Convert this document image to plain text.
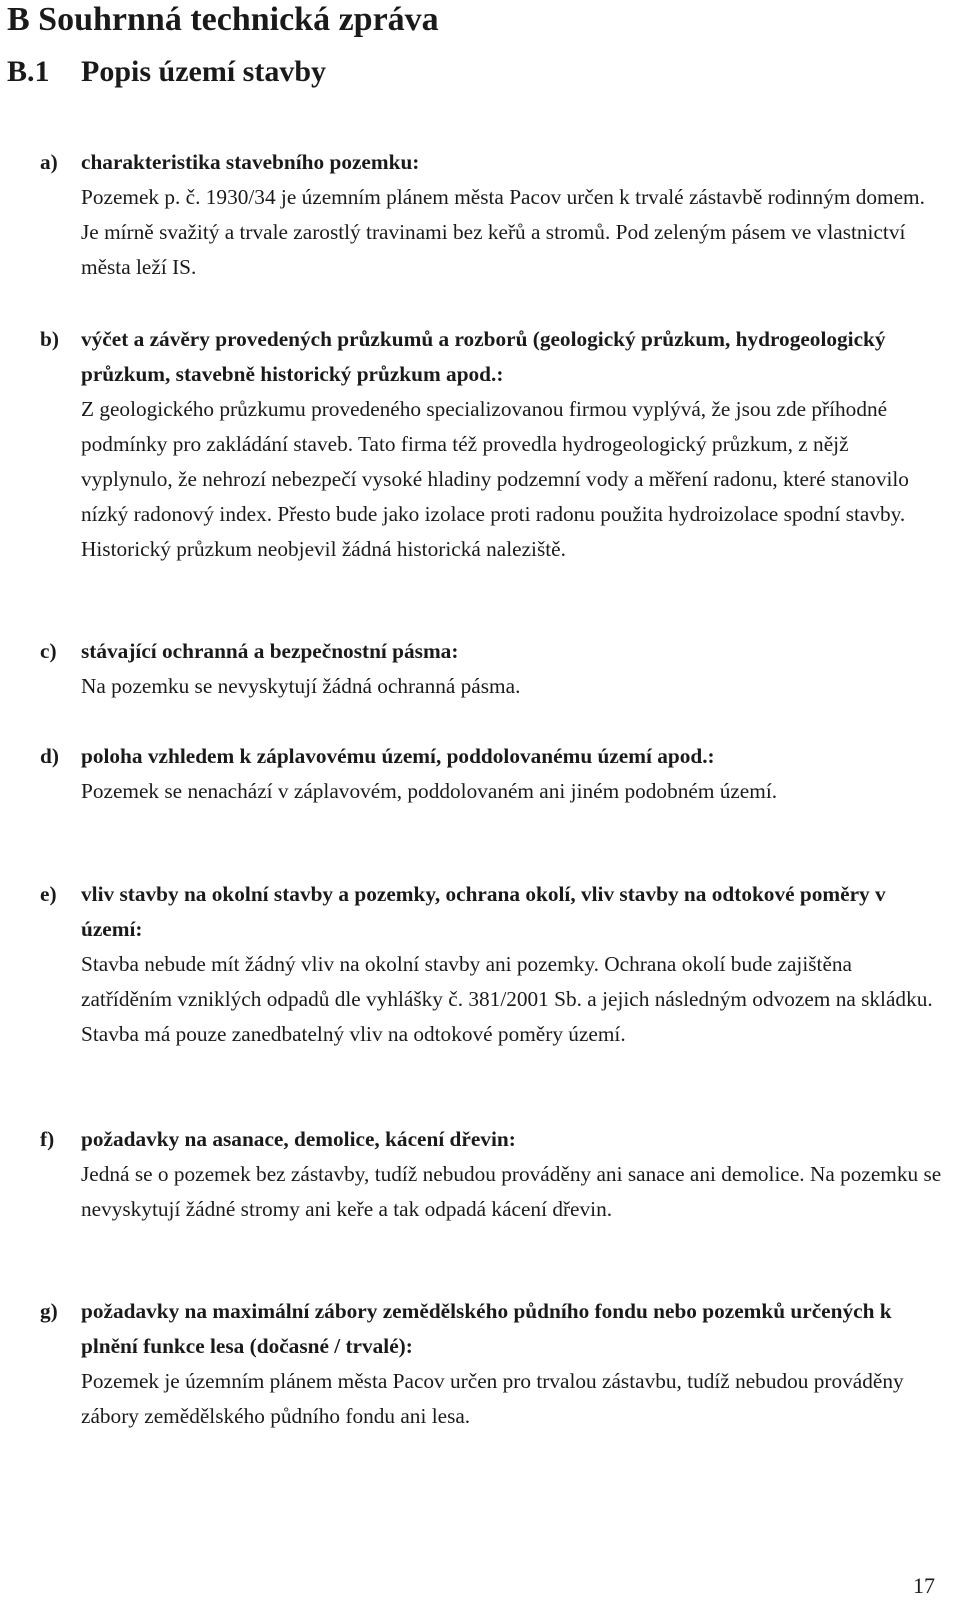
B Souhrnná technická zpráva
B.1 Popis území stavby
a) charakteristika stavebního pozemku:
Pozemek p. č. 1930/34 je územním plánem města Pacov určen k trvalé zástavbě rodinným domem. Je mírně svažitý a trvale zarostlý travinami bez keřů a stromů. Pod zeleným pásem ve vlastnictví města leží IS.
b) výčet a závěry provedených průzkumů a rozborů (geologický průzkum, hydrogeologický průzkum, stavebně historický průzkum apod.:
Z geologického průzkumu provedeného specializovanou firmou vyplývá, že jsou zde příhodné podmínky pro zakládání staveb. Tato firma též provedla hydrogeologický průzkum, z nějž vyplynulo, že nehrozí nebezpečí vysoké hladiny podzemní vody a měření radonu, které stanovilo nízký radonový index. Přesto bude jako izolace proti radonu použita hydroizolace spodní stavby. Historický průzkum neobjevil žádná historická naleziště.
c) stávající ochranná a bezpečnostní pásma:
Na pozemku se nevyskytují žádná ochranná pásma.
d) poloha vzhledem k záplavovému území, poddolovanému území apod.:
Pozemek se nenachází v záplavovém, poddolovaném ani jiném podobném území.
e) vliv stavby na okolní stavby a pozemky, ochrana okolí, vliv stavby na odtokové poměry v území:
Stavba nebude mít žádný vliv na okolní stavby ani pozemky. Ochrana okolí bude zajištěna zatříděním vzniklých odpadů dle vyhlášky č. 381/2001 Sb. a jejich následným odvozem na skládku. Stavba má pouze zanedbatelný vliv na odtokové poměry území.
f) požadavky na asanace, demolice, kácení dřevin:
Jedná se o pozemek bez zástavby, tudíž nebudou prováděny ani sanace ani demolice. Na pozemku se nevyskytují žádné stromy ani keře a tak odpadá kácení dřevin.
g) požadavky na maximální zábory zemědělského půdního fondu nebo pozemků určených k plnění funkce lesa (dočasné / trvalé):
Pozemek je územním plánem města Pacov určen pro trvalou zástavbu, tudíž nebudou prováděny zábory zemědělského půdního fondu ani lesa.
17
